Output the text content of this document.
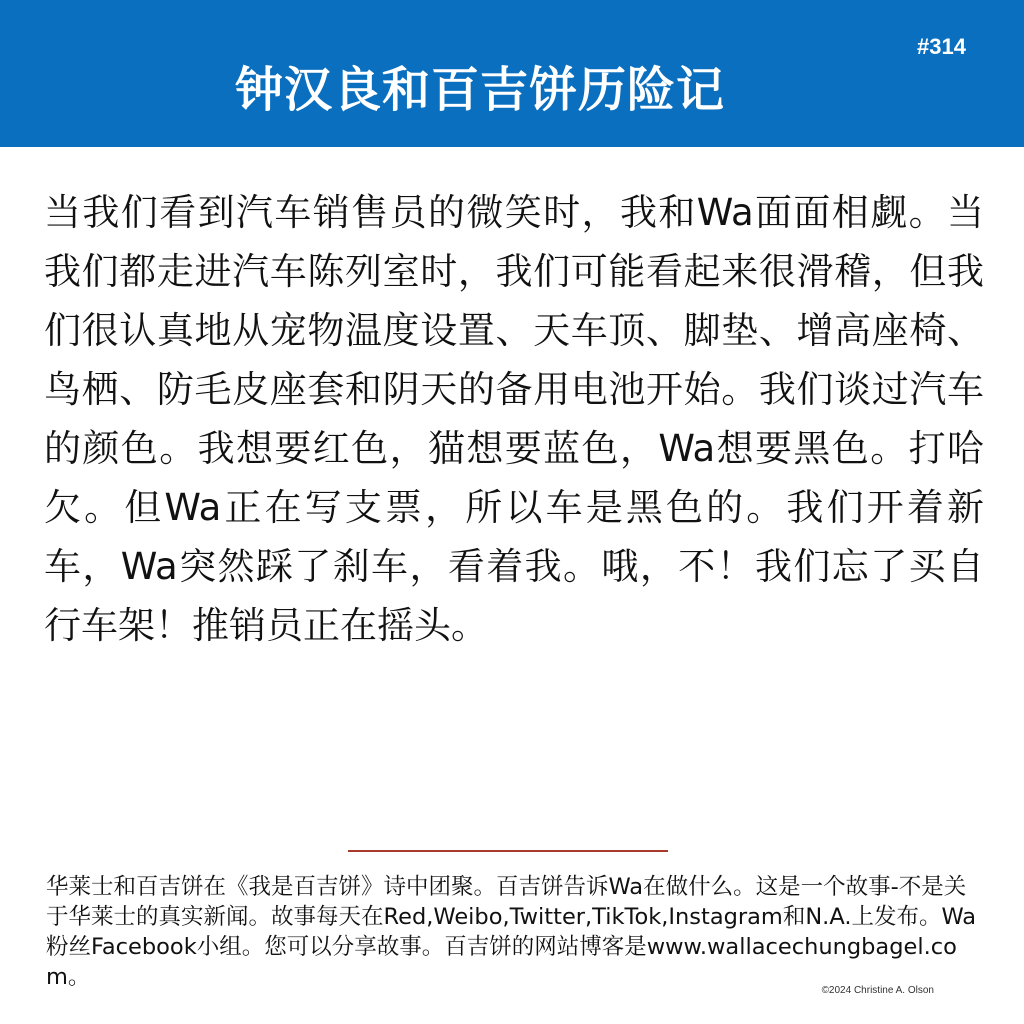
钟汉良和百吉饼历险记
#314
当我们看到汽车销售员的微笑时，我和Wa面面相觑。当我们都走进汽车陈列室时，我们可能看起来很滑稽，但我们很认真地从宠物温度设置、天车顶、脚垫、增高座椅、鸟栖、防毛皮座套和阴天的备用电池开始。我们谈过汽车的颜色。我想要红色，猫想要蓝色，Wa想要黑色。打哈欠。但Wa正在写支票，所以车是黑色的。我们开着新车，Wa突然踩了刹车，看着我。哦，不！我们忘了买自行车架！推销员正在摇头。
华莱士和百吉饼在《我是百吉饼》诗中团聚。百吉饼告诉Wa在做什么。这是一个故事-不是关于华莱士的真实新闻。故事每天在Red,Weibo,Twitter,TikTok,Instagram和N.A.上发布。Wa粉丝Facebook小组。您可以分享故事。百吉饼的网站博客是www.wallacechungbagel.com。
©2024 Christine A. Olson
